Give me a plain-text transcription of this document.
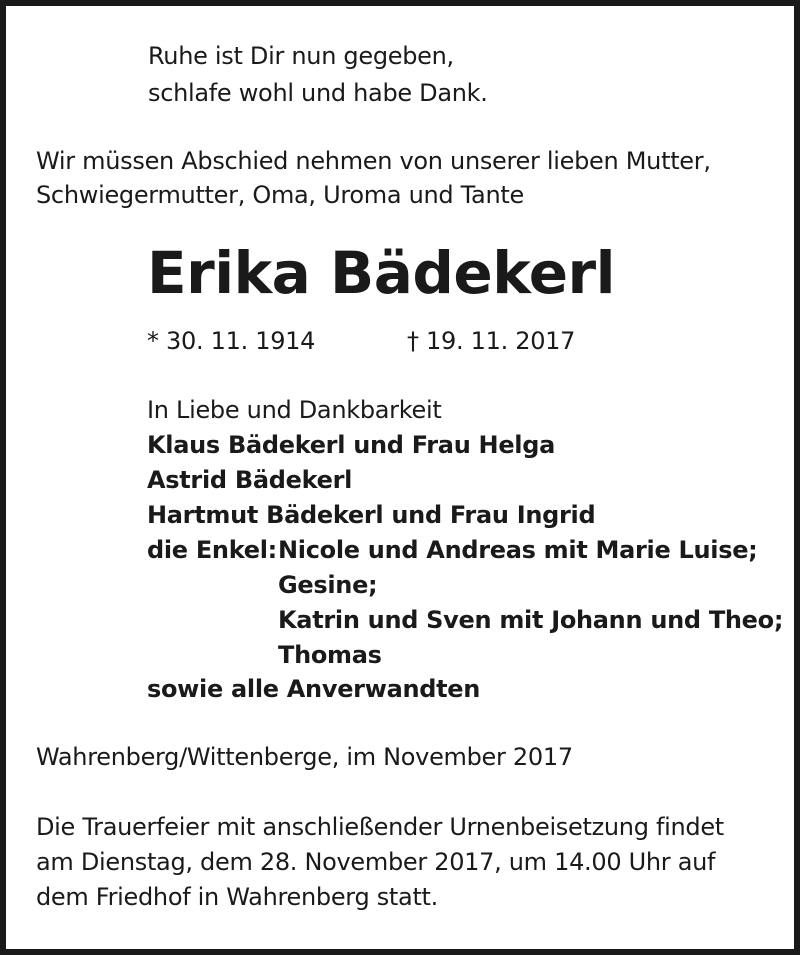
Ruhe ist Dir nun gegeben,
schlafe wohl und habe Dank.
Wir müssen Abschied nehmen von unserer lieben Mutter,
Schwiegermutter, Oma, Uroma und Tante
Erika Bädekerl
* 30. 11. 1914	† 19. 11. 2017
In Liebe und Dankbarkeit
Klaus Bädekerl und Frau Helga
Astrid Bädekerl
Hartmut Bädekerl und Frau Ingrid
die Enkel: Nicole und Andreas mit Marie Luise;
Gesine;
Katrin und Sven mit Johann und Theo;
Thomas
sowie alle Anverwandten
Wahrenberg/Wittenberge, im November 2017
Die Trauerfeier mit anschließender Urnenbeisetzung findet
am Dienstag, dem 28. November 2017, um 14.00 Uhr auf
dem Friedhof in Wahrenberg statt.
